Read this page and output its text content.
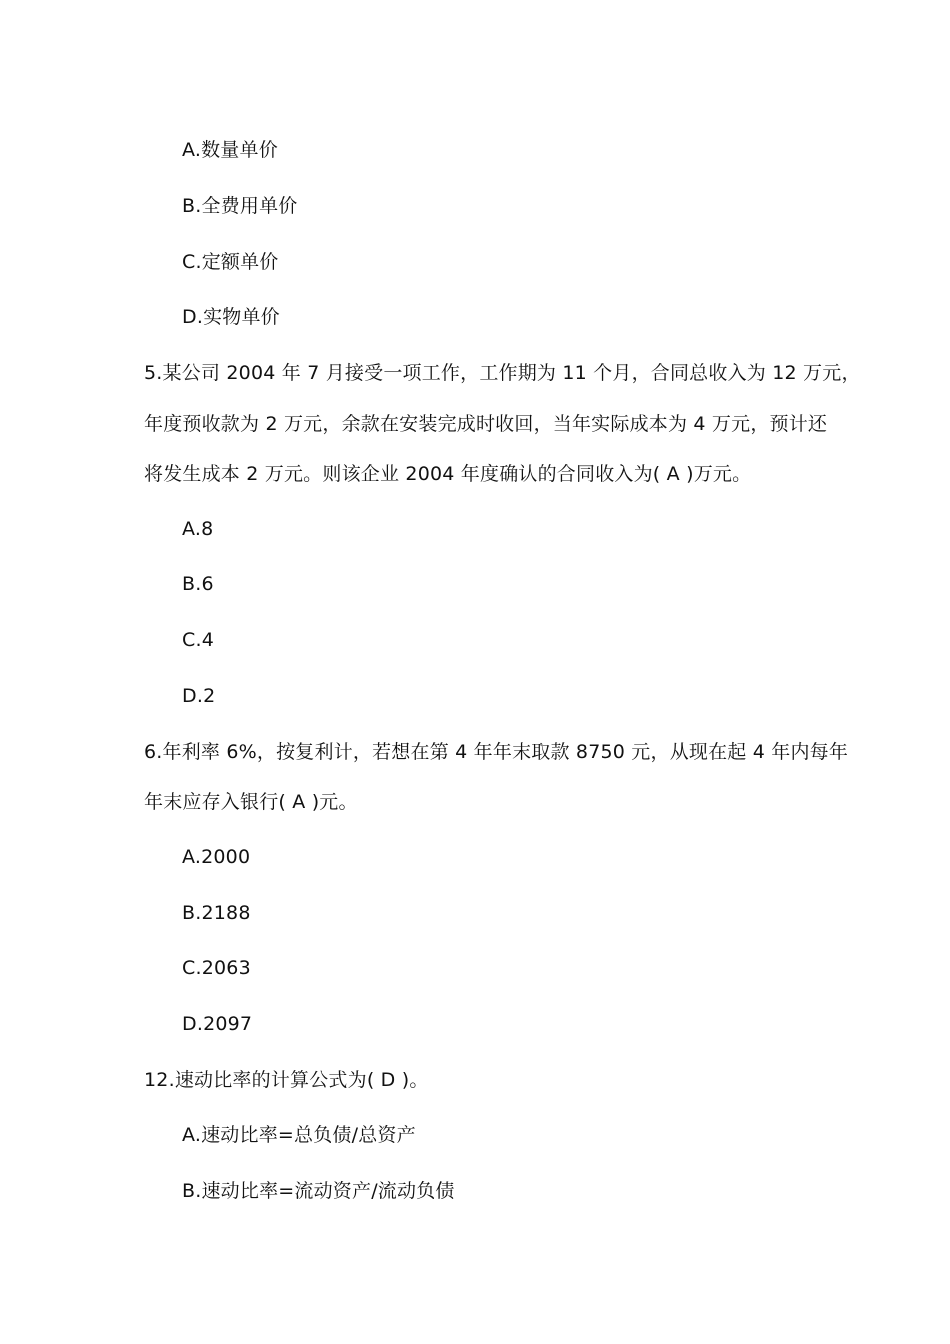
A.数量单价
B.全费用单价
C.定额单价
D.实物单价
5.某公司 2004 年 7 月接受一项工作，工作期为 11 个月，合同总收入为 12 万元，
年度预收款为 2 万元，余款在安装完成时收回，当年实际成本为 4 万元，预计还
将发生成本 2 万元。则该企业 2004 年度确认的合同收入为( A )万元。
A.8
B.6
C.4
D.2
6.年利率 6%，按复利计，若想在第 4 年年末取款 8750 元，从现在起 4 年内每年
年末应存入银行( A )元。
A.2000
B.2188
C.2063
D.2097
12.速动比率的计算公式为( D )。
A.速动比率=总负债/总资产
B.速动比率=流动资产/流动负债
